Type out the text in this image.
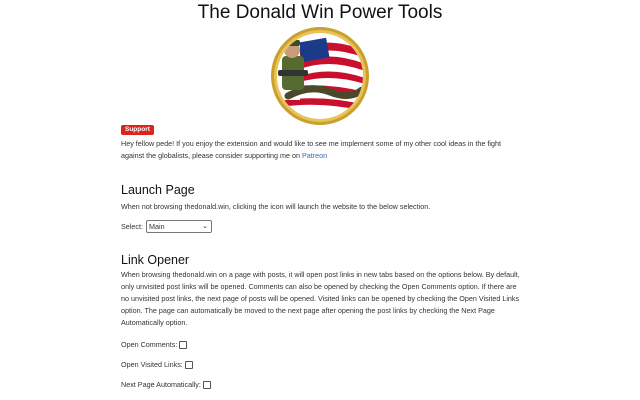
The Donald Win Power Tools
Support
Hey fellow pede! If you enjoy the extension and would like to see me implement some of my other cool ideas in the fight against the globalists, please consider supporting me on Patreon
Launch Page
When not browsing thedonald.win, clicking the icon will launch the website to the below selection.
Select: Main	⌄
Link Opener
When browsing thedonald.win on a page with posts, it will open post links in new tabs based on the options below. By default, only unvisited post links will be opened. Comments can also be opened by checking the Open Comments option. If there are no unvisited post links, the next page of posts will be opened. Visited links can be opened by checking the Open Visited Links option. The page can automatically be moved to the next page after opening the post links by checking the Next Page Automatically option.
Open Comments:
Open Visited Links:
Next Page Automatically:
